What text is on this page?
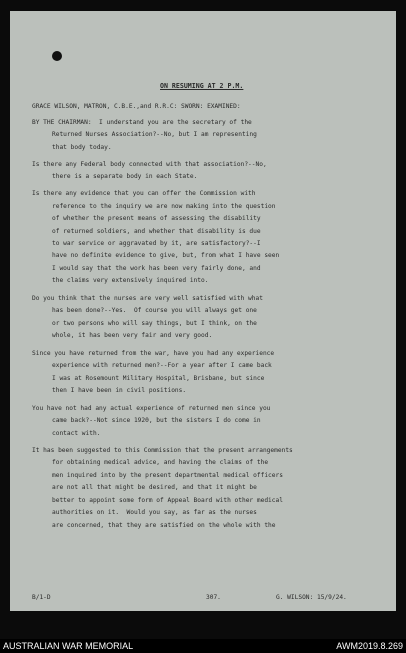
ON RESUMING AT 2 P.M.

GRACE WILSON, MATRON, C.B.E.,and R.R.C: SWORN: EXAMINED:
BY THE CHAIRMAN:  I understand you are the secretary of the
Returned Nurses Association?--No, but I am representing
that body today.
Is there any Federal body connected with that association?--No,
there is a separate body in each State.
Is there any evidence that you can offer the Commission with
reference to the inquiry we are now making into the question
of whether the present means of assessing the disability
of returned soldiers, and whether that disability is due
to war service or aggravated by it, are satisfactory?--I
have no definite evidence to give, but, from what I have seen
I would say that the work has been very fairly done, and
the claims very extensively inquired into.
Do you think that the nurses are very well satisfied with what
has been done?--Yes.  Of course you will always get one
or two persons who will say things, but I think, on the
whole, it has been very fair and very good.
Since you have returned from the war, have you had any experience
experience with returned men?--For a year after I came back
I was at Rosemount Military Hospital, Brisbane, but since
then I have been in civil positions.
You have not had any actual experience of returned men since you
came back?--Not since 1920, but the sisters I do come in
contact with.
It has been suggested to this Commission that the present arrangements
for obtaining medical advice, and having the claims of the
men inquired into by the present departmental medical officers
are not all that might be desired, and that it might be
better to appoint some form of Appeal Board with other medical
authorities on it.  Would you say, as far as the nurses
are concerned, that they are satisfied on the whole with the

B/1-D

	307.

	G. WILSON: 15/9/24.

AUSTRALIAN WAR MEMORIAL	AWM2019.8.269
